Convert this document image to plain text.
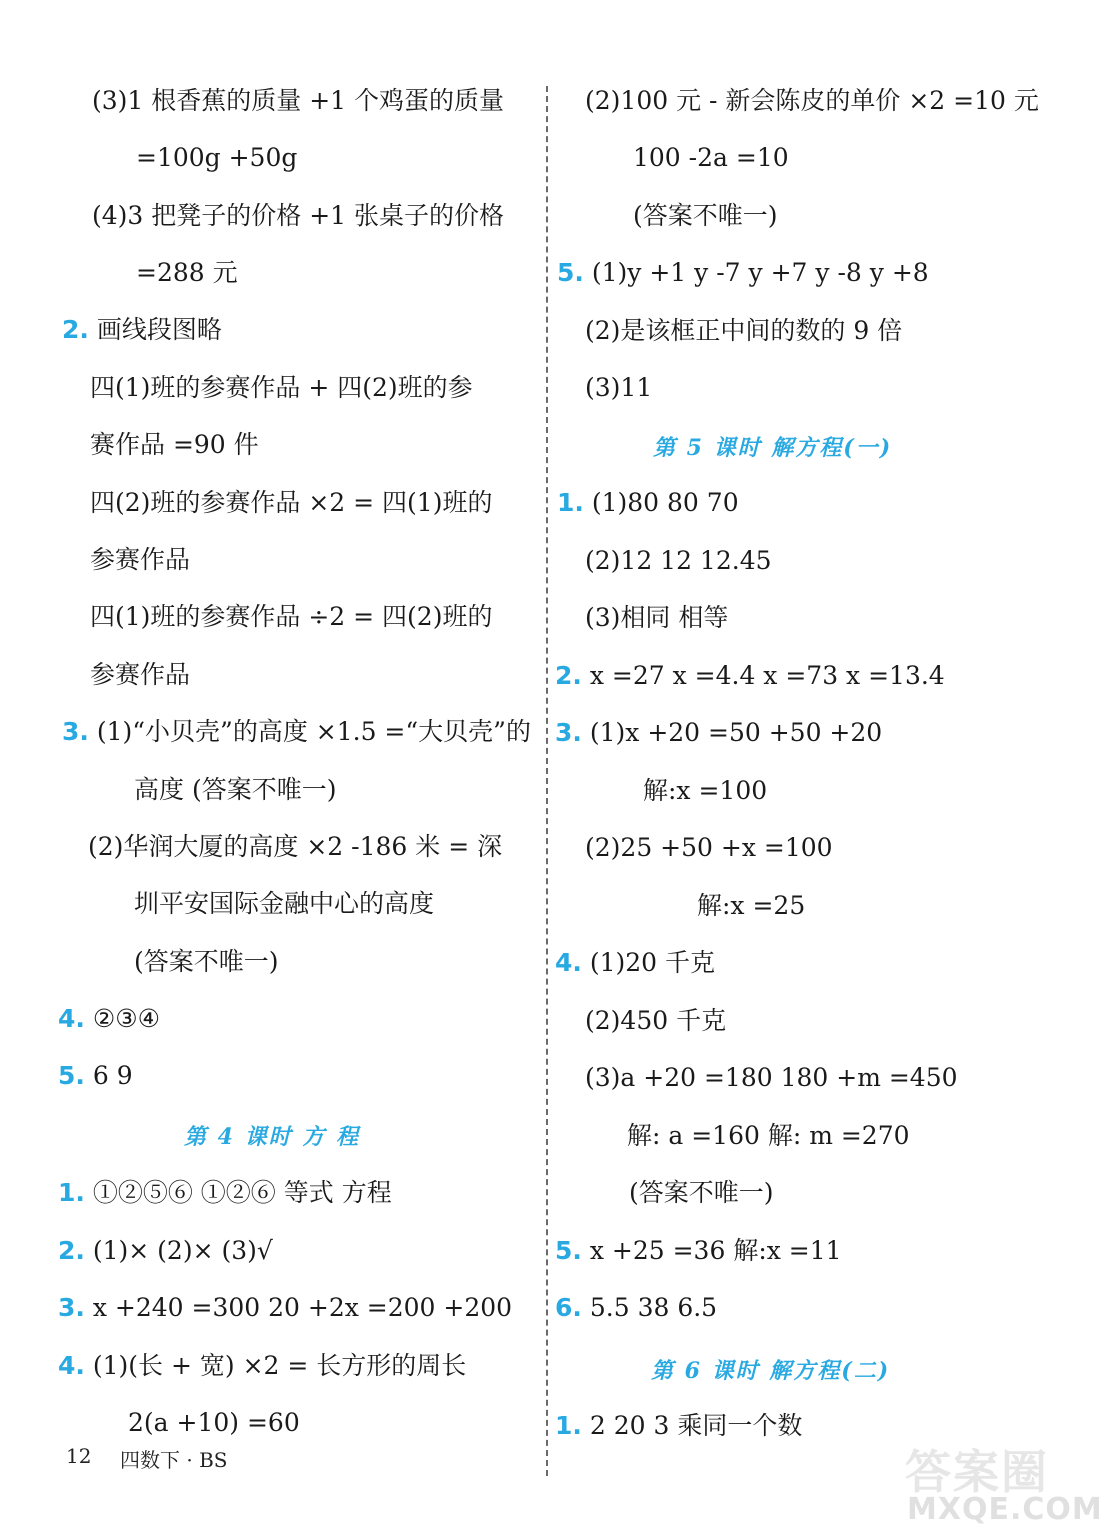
(3)1 根香蕉的质量 +1 个鸡蛋的质量
=100g +50g
(4)3 把凳子的价格 +1 张桌子的价格
=288 元
2. 画线段图略
四(1)班的参赛作品 + 四(2)班的参
赛作品 =90 件
四(2)班的参赛作品 ×2 = 四(1)班的
参赛作品
四(1)班的参赛作品 ÷2 = 四(2)班的
参赛作品
3. (1)“小贝壳”的高度 ×1.5 =“大贝壳”的
高度 (答案不唯一)
(2)华润大厦的高度 ×2 -186 米 = 深
圳平安国际金融中心的高度
(答案不唯一)
4. ②③④
5. 6 9
第 4 课时 方 程
1. ①②⑤⑥ ①②⑥ 等式 方程
2. (1)× (2)× (3)√
3. x +240 =300 20 +2x =200 +200
4. (1)(长 + 宽) ×2 = 长方形的周长
2(a +10) =60
(2)100 元 - 新会陈皮的单价 ×2 =10 元
100 -2a =10
(答案不唯一)
5. (1)y +1 y -7 y +7 y -8 y +8
(2)是该框正中间的数的 9 倍
(3)11
第 5 课时 解方程(一)
1. (1)80 80 70
(2)12 12 12.45
(3)相同 相等
2. x =27 x =4.4 x =73 x =13.4
3. (1)x +20 =50 +50 +20
解:x =100
(2)25 +50 +x =100
解:x =25
4. (1)20 千克
(2)450 千克
(3)a +20 =180 180 +m =450
解: a =160 解: m =270
(答案不唯一)
5. x +25 =36 解:x =11
6. 5.5 38 6.5
第 6 课时 解方程(二)
1. 2 20 3 乘同一个数
12 四数下 · BS	答案圈
MXQE.COM
